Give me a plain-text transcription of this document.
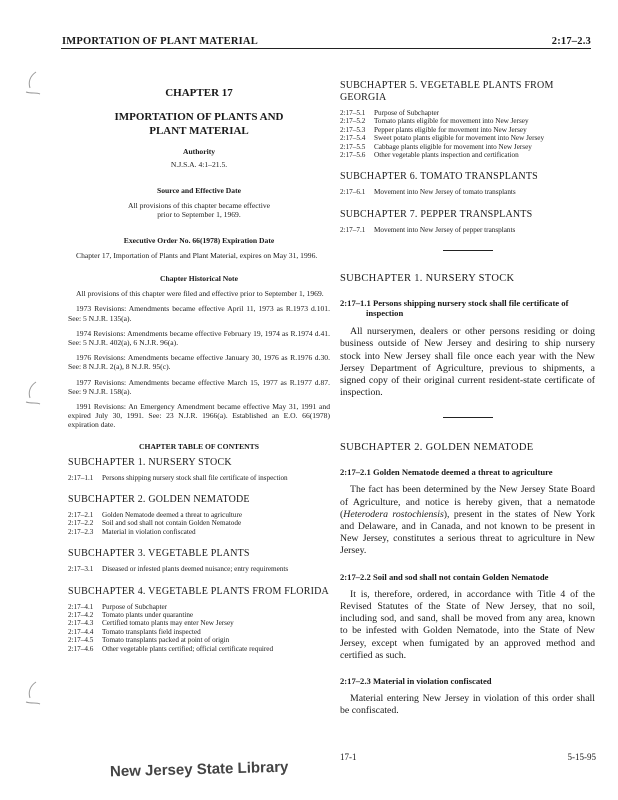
IMPORTATION OF PLANT MATERIAL	2:17–2.3
CHAPTER 17
IMPORTATION OF PLANTS AND
PLANT MATERIAL
Authority
N.J.S.A. 4:1–21.5.
Source and Effective Date
All provisions of this chapter became effective
prior to September 1, 1969.
Executive Order No. 66(1978) Expiration Date
Chapter 17, Importation of Plants and Plant Material, expires on May 31, 1996.
Chapter Historical Note
All provisions of this chapter were filed and effective prior to September 1, 1969.
1973 Revisions: Amendments became effective April 11, 1973 as R.1973 d.101. See: 5 N.J.R. 135(a).
1974 Revisions: Amendments became effective February 19, 1974 as R.1974 d.41. See: 5 N.J.R. 402(a), 6 N.J.R. 96(a).
1976 Revisions: Amendments became effective January 30, 1976 as R.1976 d.30. See: 8 N.J.R. 2(a), 8 N.J.R. 95(c).
1977 Revisions: Amendments became effective March 15, 1977 as R.1977 d.87. See: 9 N.J.R. 158(a).
1991 Revisions: An Emergency Amendment became effective May 31, 1991 and expired July 30, 1991. See: 23 N.J.R. 1966(a). Established an E.O. 66(1978) expiration date.
CHAPTER TABLE OF CONTENTS
SUBCHAPTER 1. NURSERY STOCK
2:17–1.1	Persons shipping nursery stock shall file certificate of inspection
SUBCHAPTER 2. GOLDEN NEMATODE
2:17–2.1	Golden Nematode deemed a threat to agriculture
2:17–2.2	Soil and sod shall not contain Golden Nematode
2:17–2.3	Material in violation confiscated
SUBCHAPTER 3. VEGETABLE PLANTS
2:17–3.1	Diseased or infested plants deemed nuisance; entry requirements
SUBCHAPTER 4. VEGETABLE PLANTS FROM FLORIDA
2:17–4.1	Purpose of Subchapter
2:17–4.2	Tomato plants under quarantine
2:17–4.3	Certified tomato plants may enter New Jersey
2:17–4.4	Tomato transplants field inspected
2:17–4.5	Tomato transplants packed at point of origin
2:17–4.6	Other vegetable plants certified; official certificate required
SUBCHAPTER 5. VEGETABLE PLANTS FROM GEORGIA
2:17–5.1	Purpose of Subchapter
2:17–5.2	Tomato plants eligible for movement into New Jersey
2:17–5.3	Pepper plants eligible for movement into New Jersey
2:17–5.4	Sweet potato plants eligible for movement into New Jersey
2:17–5.5	Cabbage plants eligible for movement into New Jersey
2:17–5.6	Other vegetable plants inspection and certification
SUBCHAPTER 6. TOMATO TRANSPLANTS
2:17–6.1	Movement into New Jersey of tomato transplants
SUBCHAPTER 7. PEPPER TRANSPLANTS
2:17–7.1	Movement into New Jersey of pepper transplants
SUBCHAPTER 1. NURSERY STOCK
2:17–1.1 Persons shipping nursery stock shall file certificate of inspection
All nurserymen, dealers or other persons residing or doing business outside of New Jersey and desiring to ship nursery stock into New Jersey shall file once each year with the New Jersey Department of Agriculture, previous to shipments, a signed copy of their original current resident-state certificate of inspection.
SUBCHAPTER 2. GOLDEN NEMATODE
2:17–2.1 Golden Nematode deemed a threat to agriculture
The fact has been determined by the New Jersey State Board of Agriculture, and notice is hereby given, that a nematode (Heterodera rostochiensis), present in the states of New York and Delaware, and in Canada, and not known to be present in New Jersey, constitutes a serious threat to agriculture in New Jersey.
2:17–2.2 Soil and sod shall not contain Golden Nematode
It is, therefore, ordered, in accordance with Title 4 of the Revised Statutes of the State of New Jersey, that no soil, including sod, and sand, shall be moved from any area, known to be infested with Golden Nematode, into the State of New Jersey, except when fumigated by an approved method and certified as such.
2:17–2.3 Material in violation confiscated
Material entering New Jersey in violation of this order shall be confiscated.
17-1	5-15-95
New Jersey State Library
